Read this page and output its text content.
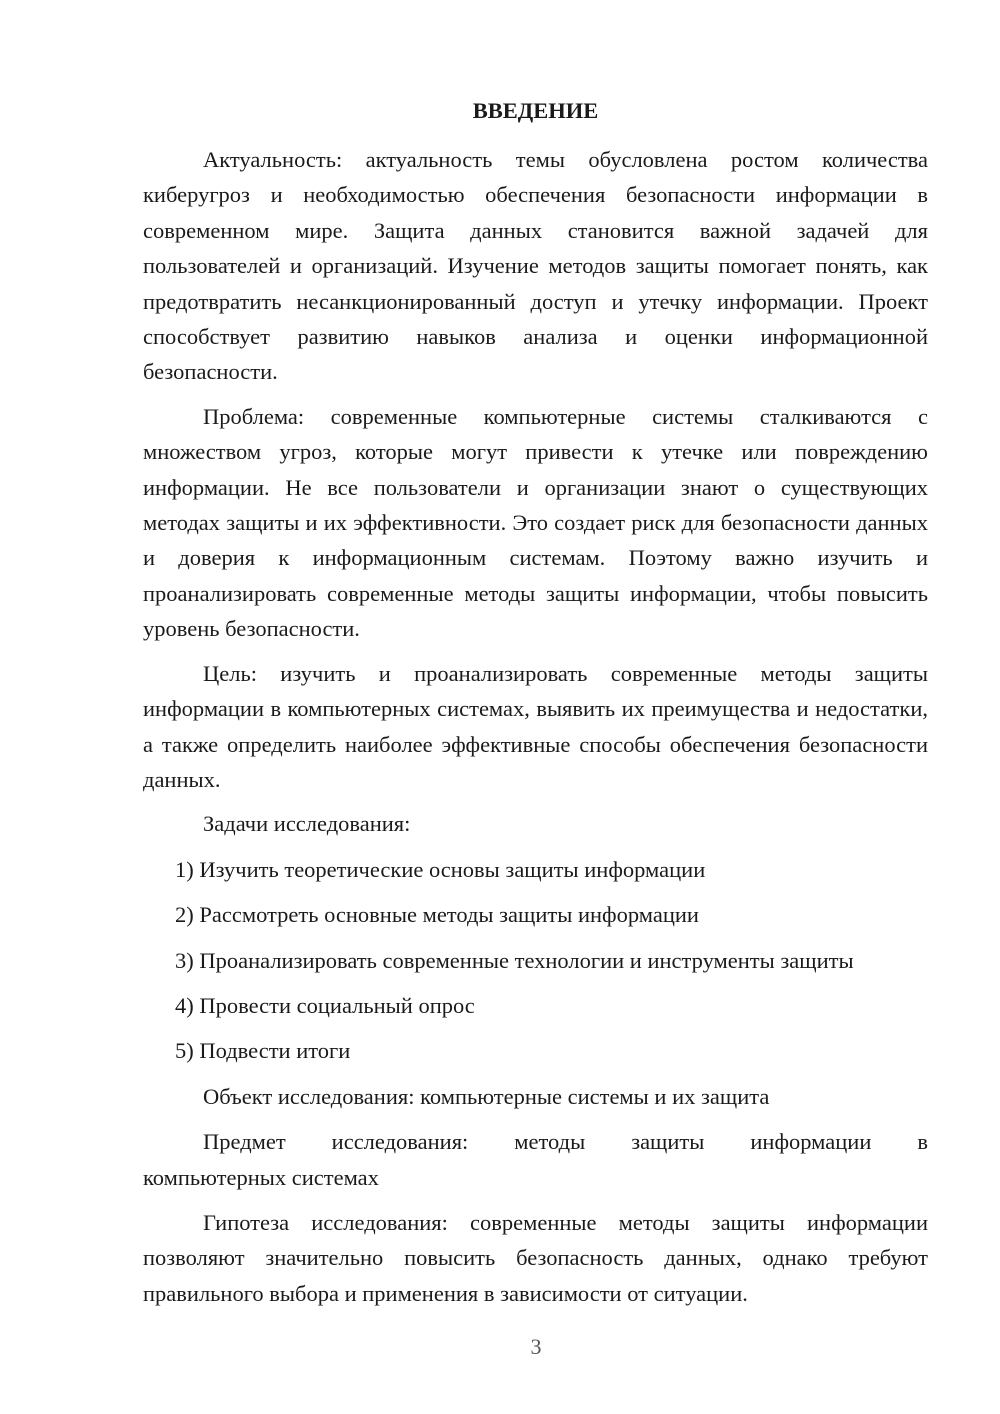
ВВЕДЕНИЕ

Актуальность: актуальность темы обусловлена ростом количества киберугроз и необходимостью обеспечения безопасности информации в современном мире. Защита данных становится важной задачей для пользователей и организаций. Изучение методов защиты помогает понять, как предотвратить несанкционированный доступ и утечку информации. Проект способствует развитию навыков анализа и оценки информационной безопасности.

Проблема: современные компьютерные системы сталкиваются с множеством угроз, которые могут привести к утечке или повреждению информации. Не все пользователи и организации знают о существующих методах защиты и их эффективности. Это создает риск для безопасности данных и доверия к информационным системам. Поэтому важно изучить и проанализировать современные методы защиты информации, чтобы повысить уровень безопасности.

Цель: изучить и проанализировать современные методы защиты информации в компьютерных системах, выявить их преимущества и недостатки, а также определить наиболее эффективные способы обеспечения безопасности данных.

Задачи исследования:

1) Изучить теоретические основы защиты информации

2) Рассмотреть основные методы защиты информации

3) Проанализировать современные технологии и инструменты защиты

4) Провести социальный опрос

5) Подвести итоги

Объект исследования: компьютерные системы и их защита

Предмет исследования: методы защиты информации в

компьютерных системах

Гипотеза исследования: современные методы защиты информации позволяют значительно повысить безопасность данных, однако требуют правильного выбора и применения в зависимости от ситуации.

3
